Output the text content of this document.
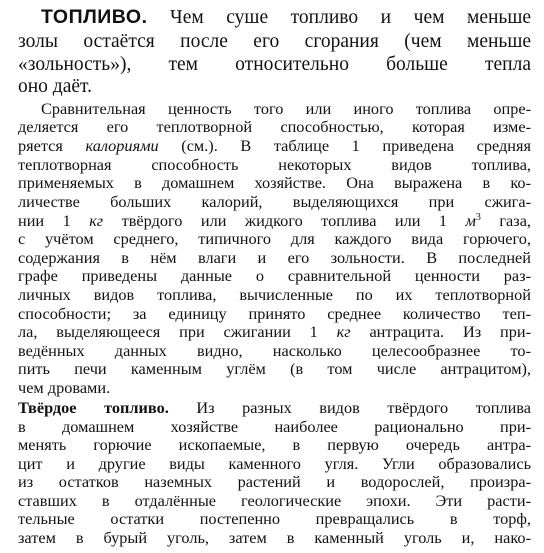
ТОПЛИВО. Чем суше топливо и чем меньше
золы остаётся после его сгорания (чем меньше
«зольность»), тем относительно больше тепла
оно даёт.
Сравнительная ценность того или иного топлива опре-
деляется его теплотворной способностью, которая изме-
ряется калориями (см.). В таблице 1 приведена средняя
теплотворная способность некоторых видов топлива,
применяемых в домашнем хозяйстве. Она выражена в ко-
личестве больших калорий, выделяющихся при сжига-
нии 1 кг твёрдого или жидкого топлива или 1 $м^3$ газа,
с учётом среднего, типичного для каждого вида горючего,
содержания в нём влаги и его зольности. В последней
графе приведены данные о сравнительной ценности раз-
личных видов топлива, вычисленные по их теплотворной
способности; за единицу принято среднее количество теп-
ла, выделяющееся при сжигании 1 кг антрацита. Из при-
ведённых данных видно, насколько целесообразнее то-
пить печи каменным углём (в том числе антрацитом),
чем дровами.
Твёрдое топливо. Из разных видов твёрдого топлива
в домашнем хозяйстве наиболее рационально при-
менять горючие ископаемые, в первую очередь антра-
цит и другие виды каменного угля. Угли образовались
из остатков наземных растений и водорослей, произра-
ставших в отдалённые геологические эпохи. Эти расти-
тельные остатки постепенно превращались в торф,
затем в бурый уголь, затем в каменный уголь и, нако-
